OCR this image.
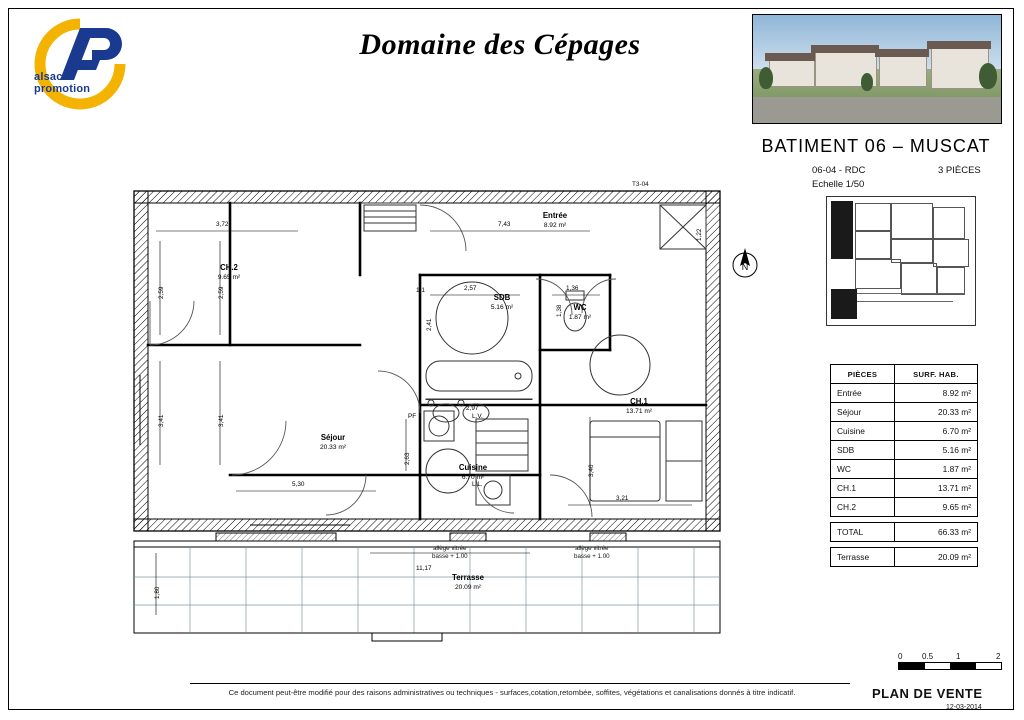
alsace
promotion
Domaine des Cépages
BATIMENT 06 – MUSCAT
06-04 - RDC	3 PIÈCES
Echelle 1/50
PIÈCES	SURF. HAB.
Entrée	8.92 m²
Séjour	20.33 m²
Cuisine	6.70 m²
SDB	5.16 m²
WC	1.87 m²
CH.1	13.71 m²
CH.2	9.65 m²

TOTAL	66.33 m²

Terrasse	20.09 m²
N
Séjour
20.33 m²
CH.2
9.65 m²
Entrée
8.92 m²
SDB
5.16 m²	WC
1.87 m²
CH.1
13.71 m²
Cuisine
6.70 m²
Terrasse
20.09 m²
T3-04
3,72	7,43
2,57	1,36
2,59	2,59
3,41	3,41
5,30
2,63
3,46
3,21
1,38
2,41
1,1
2,97
11,17
1,80
1,22
allège vitrée
basse + 1.00
allège vitrée
basse + 1.00
PF	L.V.
L.L.
0 0.5	1	2
PLAN DE VENTE
12-03-2014
Ce document peut-être modifié pour des raisons administratives ou techniques - surfaces,cotation,retombée, soffites, végétations et canalisations donnés à titre indicatif.
